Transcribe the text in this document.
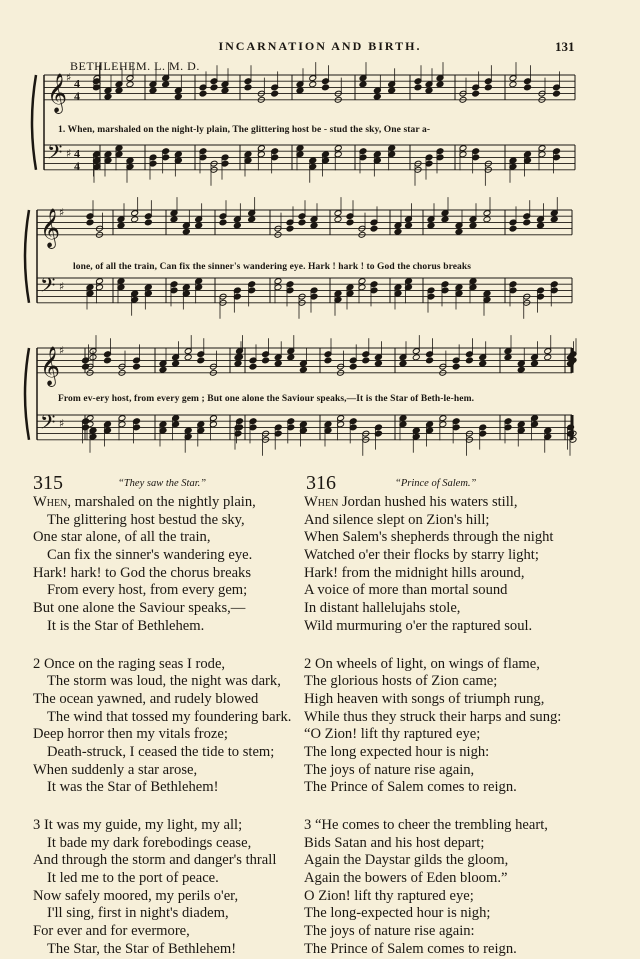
INCARNATION AND BIRTH.	131
𝄞
♯ 4
4
𝄢 ♯ 4
4
𝄞
♯
𝄢 ♯
𝄞
♯
𝄢 ♯
BETHLEHEM. L. M. D.
1. When, marshaled on the night-ly plain, The glittering host be - stud the sky, One star a-
lone, of all the train, Can fix the sinner's wandering eye. Hark ! hark ! to God the chorus breaks
From ev-ery host, from every gem ; But one alone the Saviour speaks,—It is the Star of Beth-le-hem.
315	“They saw the Star.”
When, marshaled on the nightly plain,
The glittering host bestud the sky,
One star alone, of all the train,
Can fix the sinner's wandering eye.
Hark! hark! to God the chorus breaks
From every host, from every gem;
But one alone the Saviour speaks,—
It is the Star of Bethlehem.
2 Once on the raging seas I rode,
The storm was loud, the night was dark,
The ocean yawned, and rudely blowed
The wind that tossed my foundering bark.
Deep horror then my vitals froze;
Death-struck, I ceased the tide to stem;
When suddenly a star arose,
It was the Star of Bethlehem!
3 It was my guide, my light, my all;
It bade my dark forebodings cease,
And through the storm and danger's thrall
It led me to the port of peace.
Now safely moored, my perils o'er,
I'll sing, first in night's diadem,
For ever and for evermore,
The Star, the Star of Bethlehem!
316	“Prince of Salem.”
When Jordan hushed his waters still,
And silence slept on Zion's hill;
When Salem's shepherds through the night
Watched o'er their flocks by starry light;
Hark! from the midnight hills around,
A voice of more than mortal sound
In distant hallelujahs stole,
Wild murmuring o'er the raptured soul.
2 On wheels of light, on wings of flame,
The glorious hosts of Zion came;
High heaven with songs of triumph rung,
While thus they struck their harps and sung:
“O Zion! lift thy raptured eye;
The long expected hour is nigh:
The joys of nature rise again,
The Prince of Salem comes to reign.
3 “He comes to cheer the trembling heart,
Bids Satan and his host depart;
Again the Daystar gilds the gloom,
Again the bowers of Eden bloom.”
O Zion! lift thy raptured eye;
The long-expected hour is nigh;
The joys of nature rise again:
The Prince of Salem comes to reign.
